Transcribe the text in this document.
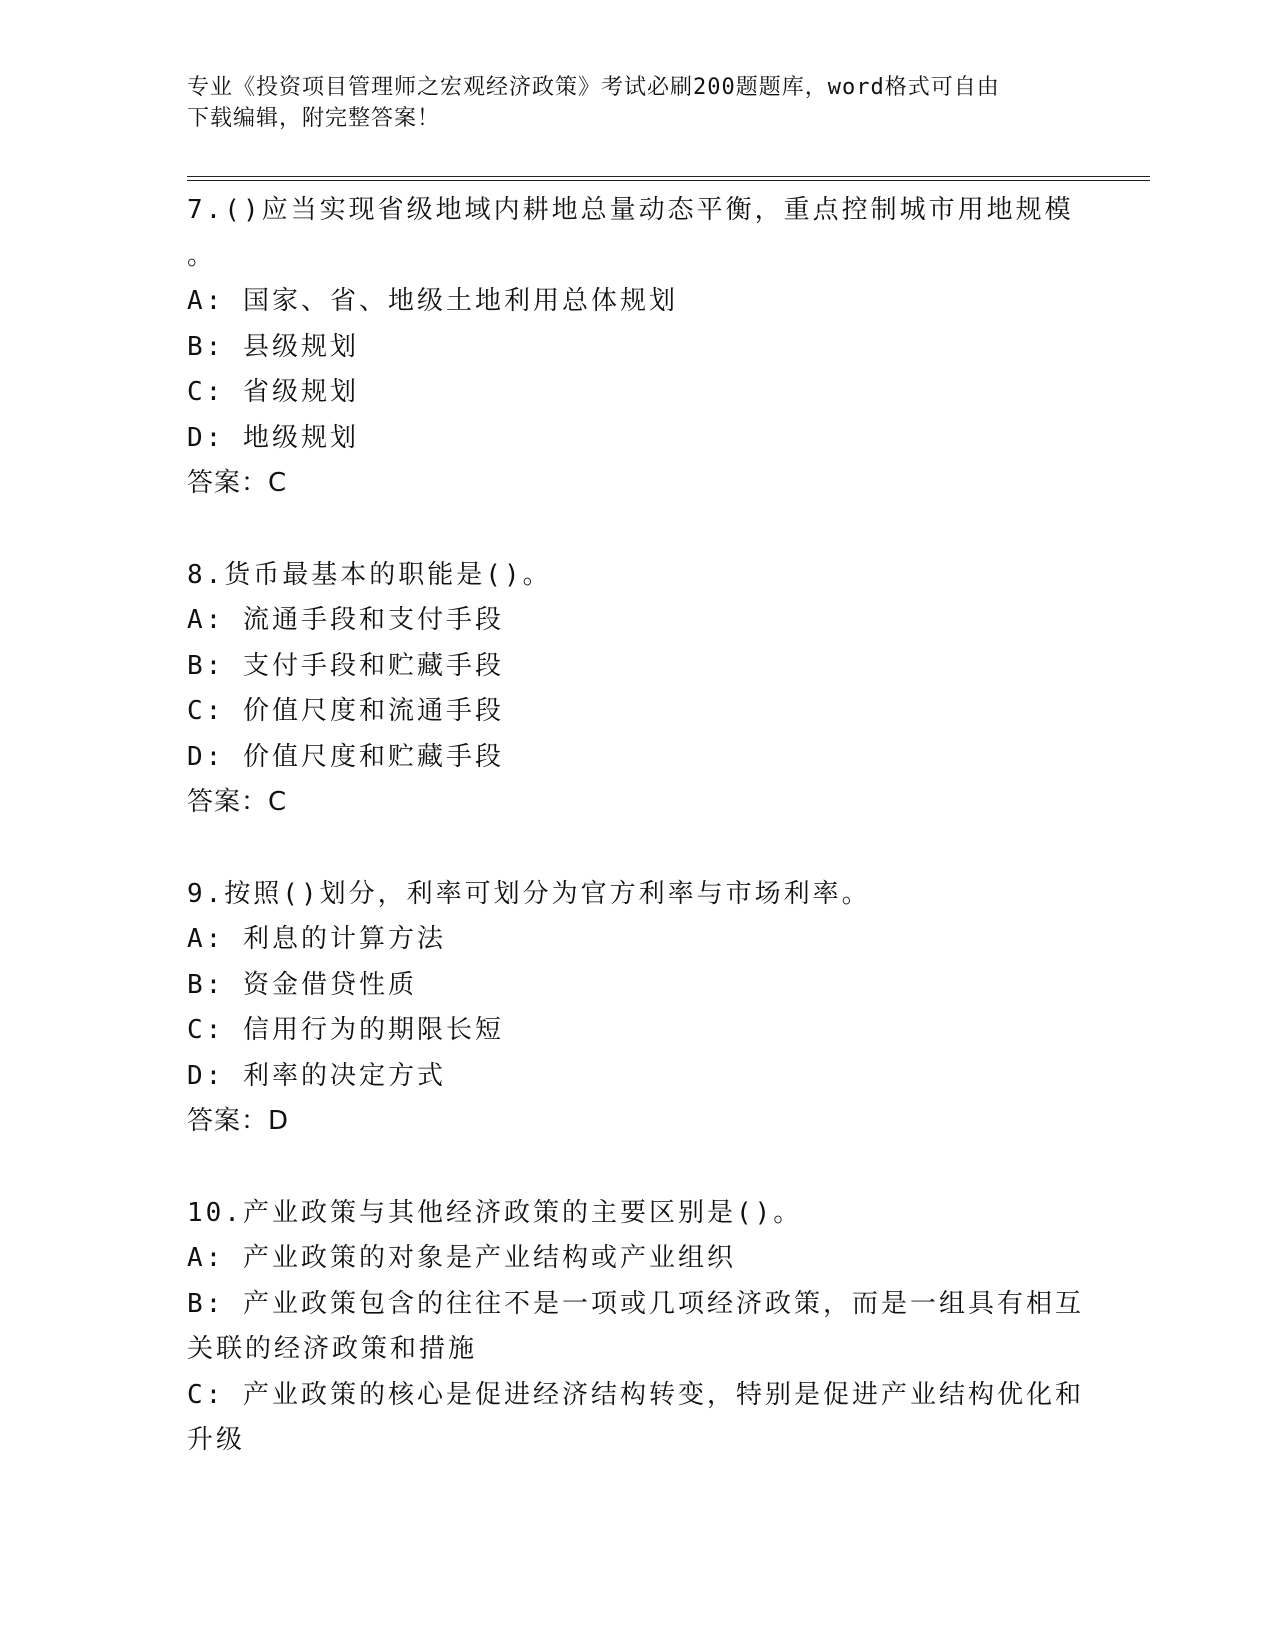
专业《投资项目管理师之宏观经济政策》考试必刷200题题库，word格式可自由
下载编辑，附完整答案！
7.()应当实现省级地域内耕地总量动态平衡，重点控制城市用地规模
。
A: 国家、省、地级土地利用总体规划
B: 县级规划
C: 省级规划
D: 地级规划
答案：C
8.货币最基本的职能是()。
A: 流通手段和支付手段
B: 支付手段和贮藏手段
C: 价值尺度和流通手段
D: 价值尺度和贮藏手段
答案：C
9.按照()划分，利率可划分为官方利率与市场利率。
A: 利息的计算方法
B: 资金借贷性质
C: 信用行为的期限长短
D: 利率的决定方式
答案：D
10.产业政策与其他经济政策的主要区别是()。
A: 产业政策的对象是产业结构或产业组织
B: 产业政策包含的往往不是一项或几项经济政策，而是一组具有相互
关联的经济政策和措施
C: 产业政策的核心是促进经济结构转变，特别是促进产业结构优化和
升级
